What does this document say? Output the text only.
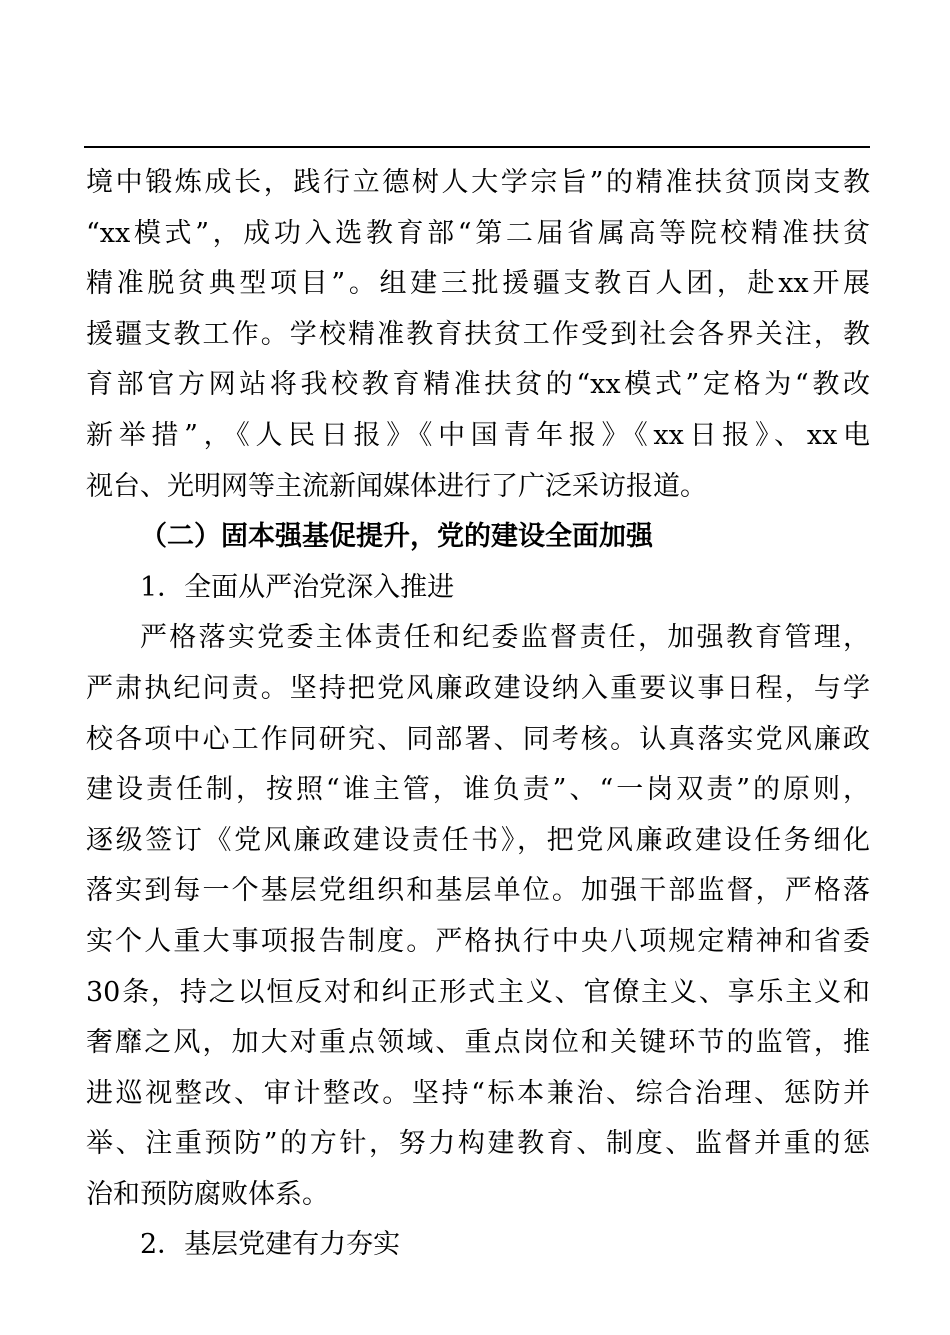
境中锻炼成长，践行立德树人大学宗旨”的精准扶贫顶岗支教
“xx模式”，成功入选教育部“第二届省属高等院校精准扶贫
精准脱贫典型项目”。组建三批援疆支教百人团，赴xx开展
援疆支教工作。学校精准教育扶贫工作受到社会各界关注，教
育部官方网站将我校教育精准扶贫的“xx模式”定格为“教改
新举措”，《人民日报》《中国青年报》《xx日报》、xx电
视台、光明网等主流新闻媒体进行了广泛采访报道。
（二）固本强基促提升，党的建设全面加强
1．全面从严治党深入推进
严格落实党委主体责任和纪委监督责任，加强教育管理，
严肃执纪问责。坚持把党风廉政建设纳入重要议事日程，与学
校各项中心工作同研究、同部署、同考核。认真落实党风廉政
建设责任制，按照“谁主管，谁负责”、“一岗双责”的原则，
逐级签订《党风廉政建设责任书》，把党风廉政建设任务细化
落实到每一个基层党组织和基层单位。加强干部监督，严格落
实个人重大事项报告制度。严格执行中央八项规定精神和省委
30条，持之以恒反对和纠正形式主义、官僚主义、享乐主义和
奢靡之风，加大对重点领域、重点岗位和关键环节的监管，推
进巡视整改、审计整改。坚持“标本兼治、综合治理、惩防并
举、注重预防”的方针，努力构建教育、制度、监督并重的惩
治和预防腐败体系。
2．基层党建有力夯实
